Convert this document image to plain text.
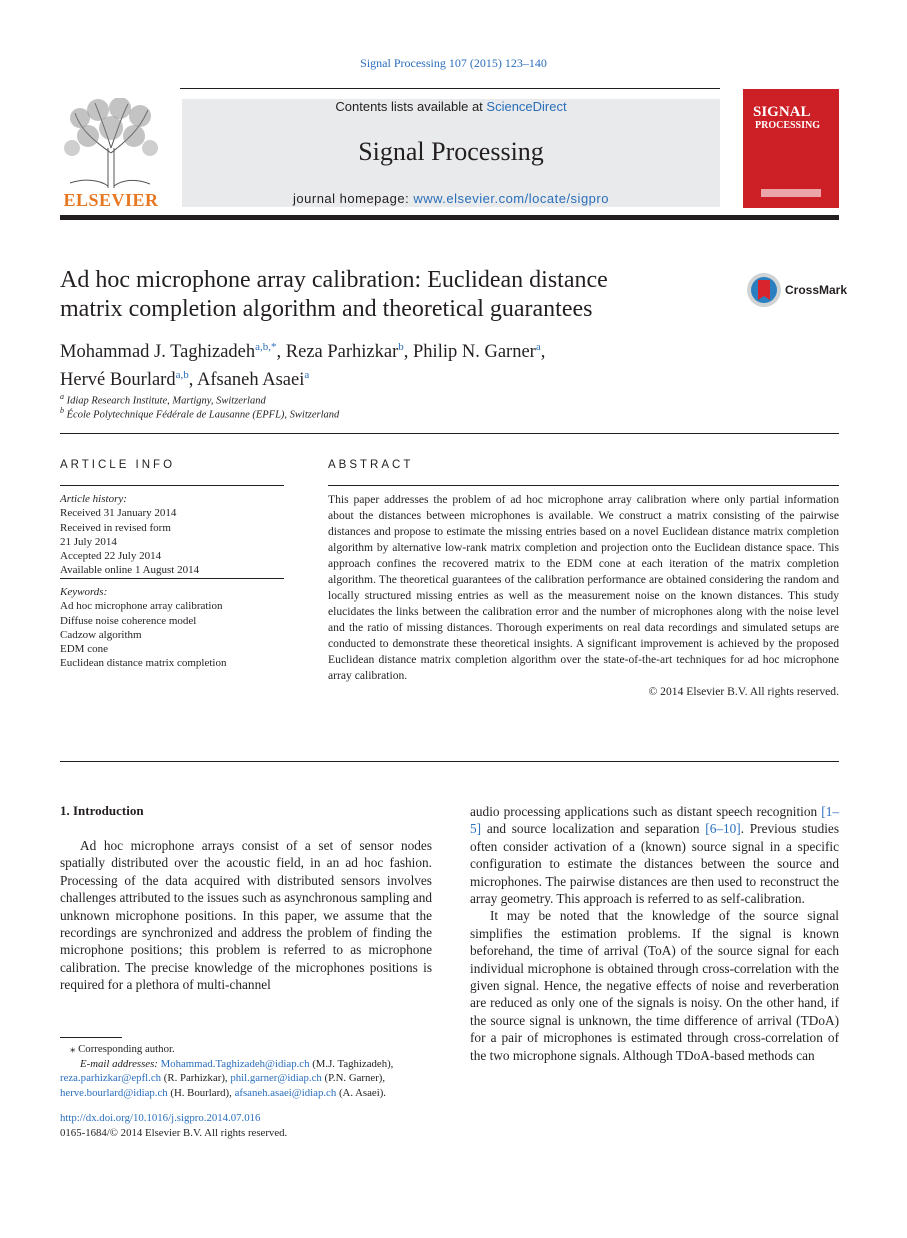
Signal Processing 107 (2015) 123–140
ELSEVIER
Contents lists available at ScienceDirect
Signal Processing
journal homepage: www.elsevier.com/locate/sigpro
SIGNAL
PROCESSING
Ad hoc microphone array calibration: Euclidean distance
matrix completion algorithm and theoretical guarantees
CrossMark
Mohammad J. Taghizadeh$^{a,b,*}$, Reza Parhizkar$^b$, Philip N. Garner$^a$,
Hervé Bourlard$^{a,b}$, Afsaneh Asaei$^a$
$^a$ Idiap Research Institute, Martigny, Switzerland
$^b$ École Polytechnique Fédérale de Lausanne (EPFL), Switzerland
ARTICLE INFO
Article history:
Received 31 January 2014
Received in revised form
21 July 2014
Accepted 22 July 2014
Available online 1 August 2014
Keywords:
Ad hoc microphone array calibration
Diffuse noise coherence model
Cadzow algorithm
EDM cone
Euclidean distance matrix completion
ABSTRACT
This paper addresses the problem of ad hoc microphone array calibration where only partial information about the distances between microphones is available. We construct a matrix consisting of the pairwise distances and propose to estimate the missing entries based on a novel Euclidean distance matrix completion algorithm by alternative low-rank matrix completion and projection onto the Euclidean distance space. This approach confines the recovered matrix to the EDM cone at each iteration of the matrix completion algorithm. The theoretical guarantees of the calibration performance are obtained considering the random and locally structured missing entries as well as the measurement noise on the known distances. This study elucidates the links between the calibration error and the number of microphones along with the noise level and the ratio of missing distances. Thorough experiments on real data recordings and simulated setups are conducted to demonstrate these theoretical insights. A significant improvement is achieved by the proposed Euclidean distance matrix completion algorithm over the state-of-the-art techniques for ad hoc microphone array calibration.
© 2014 Elsevier B.V. All rights reserved.
1. Introduction

Ad hoc microphone arrays consist of a set of sensor nodes spatially distributed over the acoustic field, in an ad hoc fashion. Processing of the data acquired with distributed sensors involves challenges attributed to the issues such as asynchronous sampling and unknown microphone positions. In this paper, we assume that the recordings are synchronized and address the problem of finding the microphone positions; this problem is referred to as microphone calibration. The precise knowledge of the microphones positions is required for a plethora of multi-channel

audio processing applications such as distant speech recognition [1–5] and source localization and separation [6–10]. Previous studies often consider activation of a (known) source signal in a specific configuration to estimate the distances between the source and microphones. The pairwise distances are then used to reconstruct the array geometry. This approach is referred to as self-calibration.

It may be noted that the knowledge of the source signal simplifies the estimation problems. If the signal is known beforehand, the time of arrival (ToA) of the source signal for each individual microphone is obtained through cross-correlation with the given signal. Hence, the negative effects of noise and reverberation are reduced as only one of the signals is noisy. On the other hand, if the source signal is unknown, the time difference of arrival (TDoA) for a pair of microphones is estimated through cross-correlation of the two microphone signals. Although TDoA-based methods can

⁎ Corresponding author.
E-mail addresses: Mohammad.Taghizadeh@idiap.ch (M.J. Taghizadeh),
reza.parhizkar@epfl.ch (R. Parhizkar), phil.garner@idiap.ch (P.N. Garner),
herve.bourlard@idiap.ch (H. Bourlard), afsaneh.asaei@idiap.ch (A. Asaei).
http://dx.doi.org/10.1016/j.sigpro.2014.07.016
0165-1684/© 2014 Elsevier B.V. All rights reserved.
